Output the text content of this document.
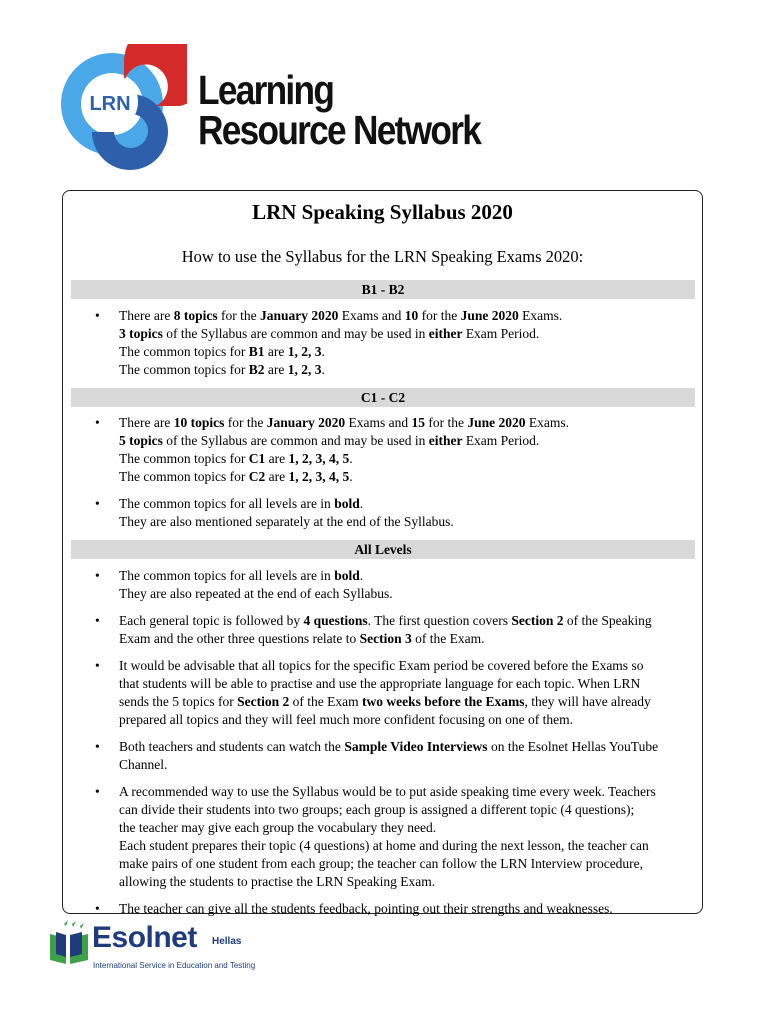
LRN Learning
Resource Network
LRN Speaking Syllabus 2020
How to use the Syllabus for the LRN Speaking Exams 2020:
B1 - B2
• There are 8 topics for the January 2020 Exams and 10 for the June 2020 Exams.
3 topics of the Syllabus are common and may be used in either Exam Period.
The common topics for B1 are 1, 2, 3.
The common topics for B2 are 1, 2, 3.
C1 - C2
• There are 10 topics for the January 2020 Exams and 15 for the June 2020 Exams.
5 topics of the Syllabus are common and may be used in either Exam Period.
The common topics for C1 are 1, 2, 3, 4, 5.
The common topics for C2 are 1, 2, 3, 4, 5.
• The common topics for all levels are in bold.
They are also mentioned separately at the end of the Syllabus.
All Levels
• The common topics for all levels are in bold.
They are also repeated at the end of each Syllabus.
• Each general topic is followed by 4 questions. The first question covers Section 2 of the Speaking
Exam and the other three questions relate to Section 3 of the Exam.
• It would be advisable that all topics for the specific Exam period be covered before the Exams so
that students will be able to practise and use the appropriate language for each topic. When LRN
sends the 5 topics for Section 2 of the Exam two weeks before the Exams, they will have already
prepared all topics and they will feel much more confident focusing on one of them.
• Both teachers and students can watch the Sample Video Interviews on the Esolnet Hellas YouTube
Channel.
• A recommended way to use the Syllabus would be to put aside speaking time every week. Teachers
can divide their students into two groups; each group is assigned a different topic (4 questions);
the teacher may give each group the vocabulary they need.
Each student prepares their topic (4 questions) at home and during the next lesson, the teacher can
make pairs of one student from each group; the teacher can follow the LRN Interview procedure,
allowing the students to practise the LRN Speaking Exam.
• The teacher can give all the students feedback, pointing out their strengths and weaknesses.
Esolnet Hellas
International Service in Education and Testing
